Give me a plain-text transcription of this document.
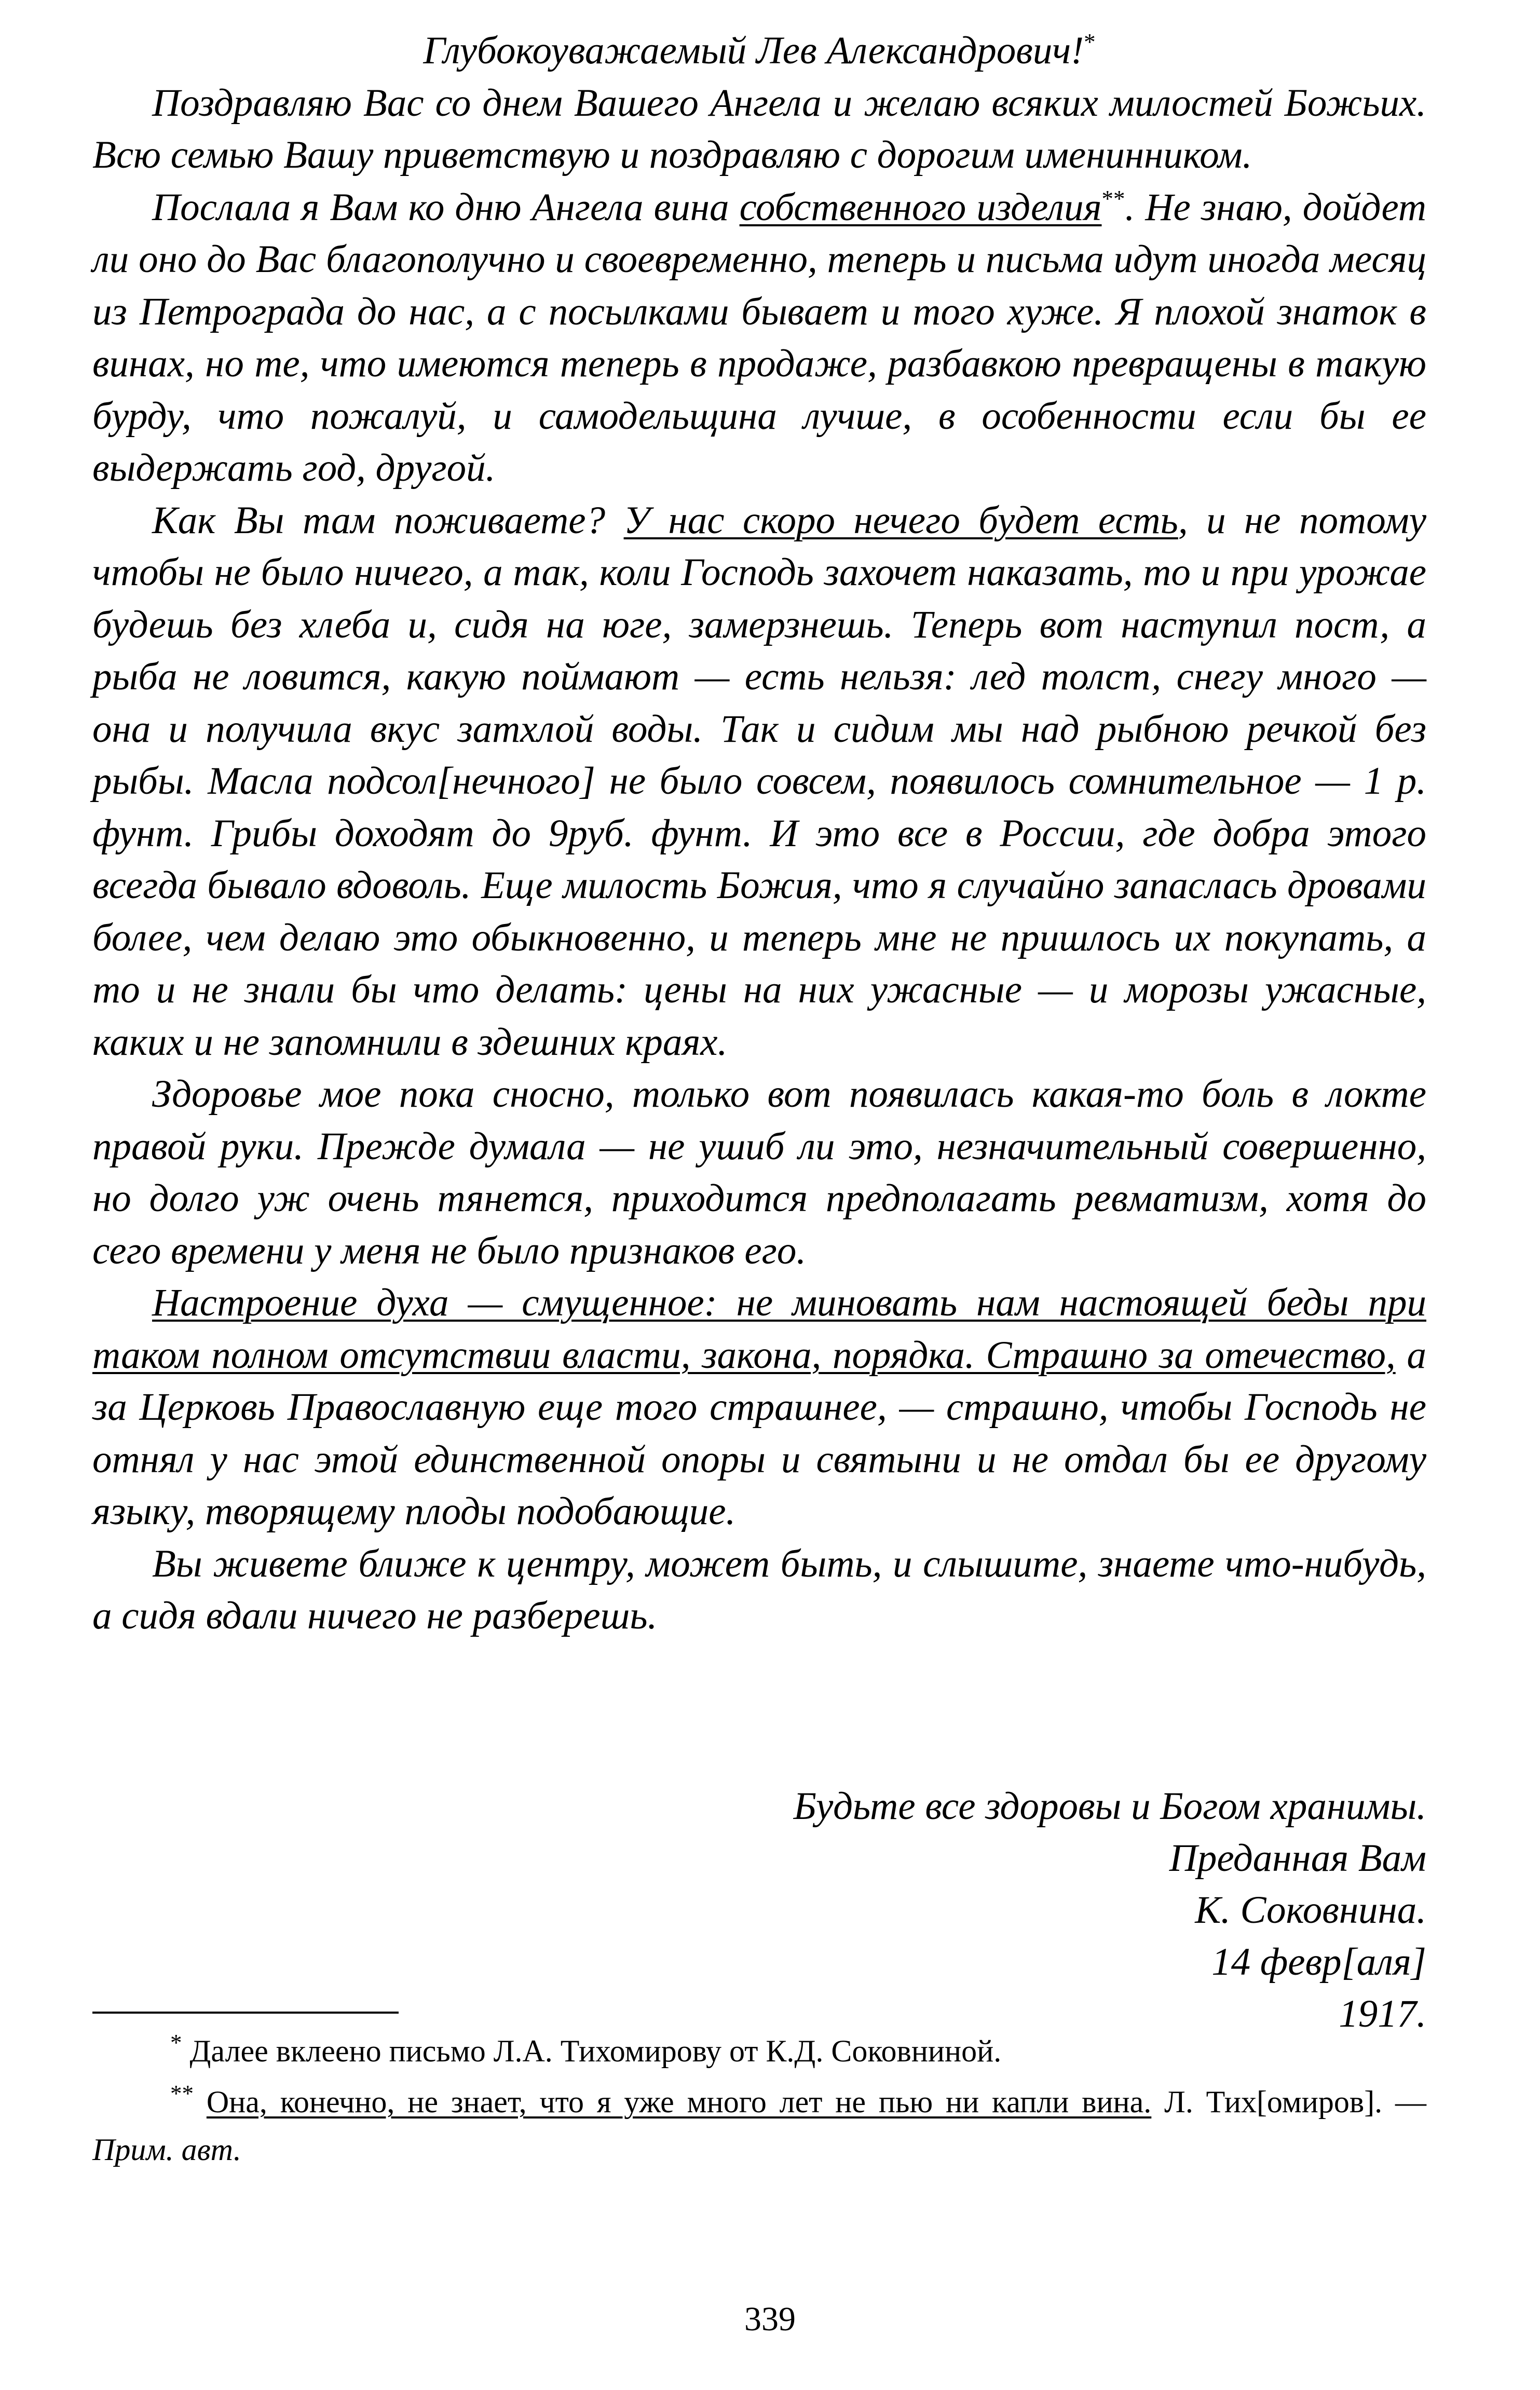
Глубокоуважаемый Лев Александрович!*

Поздравляю Вас со днем Вашего Ангела и желаю всяких милостей Божьих. Всю семью Вашу приветствую и поздравляю с дорогим именинником.

Послала я Вам ко дню Ангела вина собственного изделия**. Не знаю, дойдет ли оно до Вас благополучно и своевременно, теперь и письма идут иногда месяц из Петрограда до нас, а с посылками бывает и того хуже. Я плохой знаток в винах, но те, что имеются теперь в продаже, разбавкою превращены в такую бурду, что пожалуй, и самодельщина лучше, в особенности если бы ее выдержать год, другой.

Как Вы там поживаете? У нас скоро нечего будет есть, и не потому чтобы не было ничего, а так, коли Господь захочет наказать, то и при урожае будешь без хлеба и, сидя на юге, замерзнешь. Теперь вот наступил пост, а рыба не ловится, какую поймают — есть нельзя: лед толст, снегу много — она и получила вкус затхлой воды. Так и сидим мы над рыбною речкой без рыбы. Масла подсол[нечного] не было совсем, появилось сомнительное — 1 р. фунт. Грибы доходят до 9руб. фунт. И это все в России, где добра этого всегда бывало вдоволь. Еще милость Божия, что я случайно запаслась дровами более, чем делаю это обыкновенно, и теперь мне не пришлось их покупать, а то и не знали бы что делать: цены на них ужасные — и морозы ужасные, каких и не запомнили в здешних краях.

Здоровье мое пока сносно, только вот появилась какая-то боль в локте правой руки. Прежде думала — не ушиб ли это, незначительный совершенно, но долго уж очень тянется, приходится предполагать ревматизм, хотя до сего времени у меня не было признаков его.

Настроение духа — смущенное: не миновать нам настоящей беды при таком полном отсутствии власти, закона, порядка. Страшно за отечество, а за Церковь Православную еще того страшнее, — страшно, чтобы Господь не отнял у нас этой единственной опоры и святыни и не отдал бы ее другому языку, творящему плоды подобающие.

Вы живете ближе к центру, может быть, и слышите, знаете что-нибудь, а сидя вдали ничего не разберешь.

Будьте все здоровы и Богом хранимы.
Преданная Вам
К. Соковнина.
14 февр[аля]
1917.

* Далее вклеено письмо Л.А. Тихомирову от К.Д. Соковниной.

** Она, конечно, не знает, что я уже много лет не пью ни капли вина. Л. Тих[омиров]. — Прим. авт.

339
